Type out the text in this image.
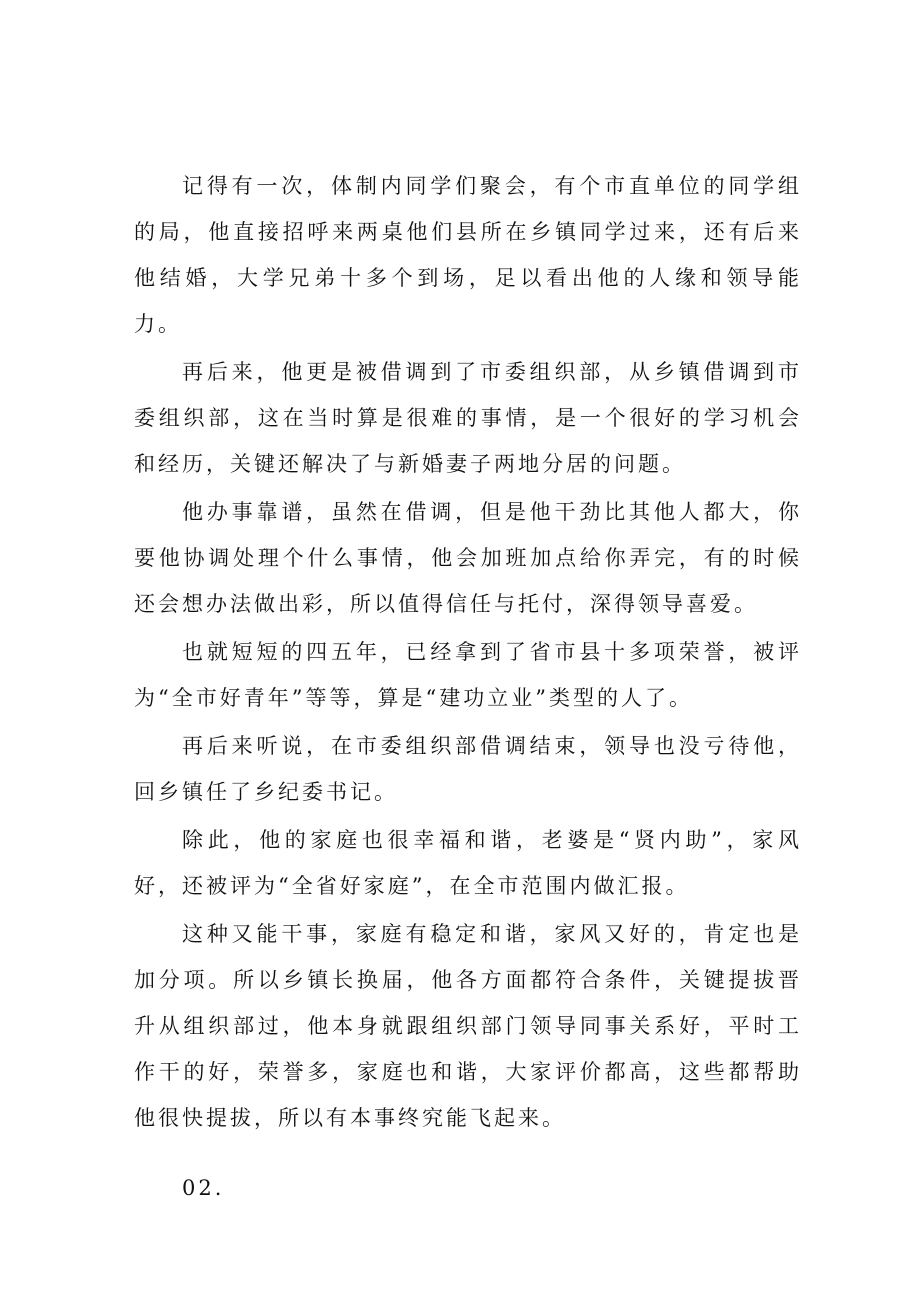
记得有一次，体制内同学们聚会，有个市直单位的同学组的局，他直接招呼来两桌他们县所在乡镇同学过来，还有后来他结婚，大学兄弟十多个到场，足以看出他的人缘和领导能力。

再后来，他更是被借调到了市委组织部，从乡镇借调到市委组织部，这在当时算是很难的事情，是一个很好的学习机会和经历，关键还解决了与新婚妻子两地分居的问题。

他办事靠谱，虽然在借调，但是他干劲比其他人都大，你要他协调处理个什么事情，他会加班加点给你弄完，有的时候还会想办法做出彩，所以值得信任与托付，深得领导喜爱。

也就短短的四五年，已经拿到了省市县十多项荣誉，被评为“全市好青年”等等，算是“建功立业”类型的人了。

再后来听说，在市委组织部借调结束，领导也没亏待他，回乡镇任了乡纪委书记。

除此，他的家庭也很幸福和谐，老婆是“贤内助”，家风好，还被评为“全省好家庭”，在全市范围内做汇报。

这种又能干事，家庭有稳定和谐，家风又好的，肯定也是加分项。所以乡镇长换届，他各方面都符合条件，关键提拔晋升从组织部过，他本身就跟组织部门领导同事关系好，平时工作干的好，荣誉多，家庭也和谐，大家评价都高，这些都帮助他很快提拔，所以有本事终究能飞起来。

02.
